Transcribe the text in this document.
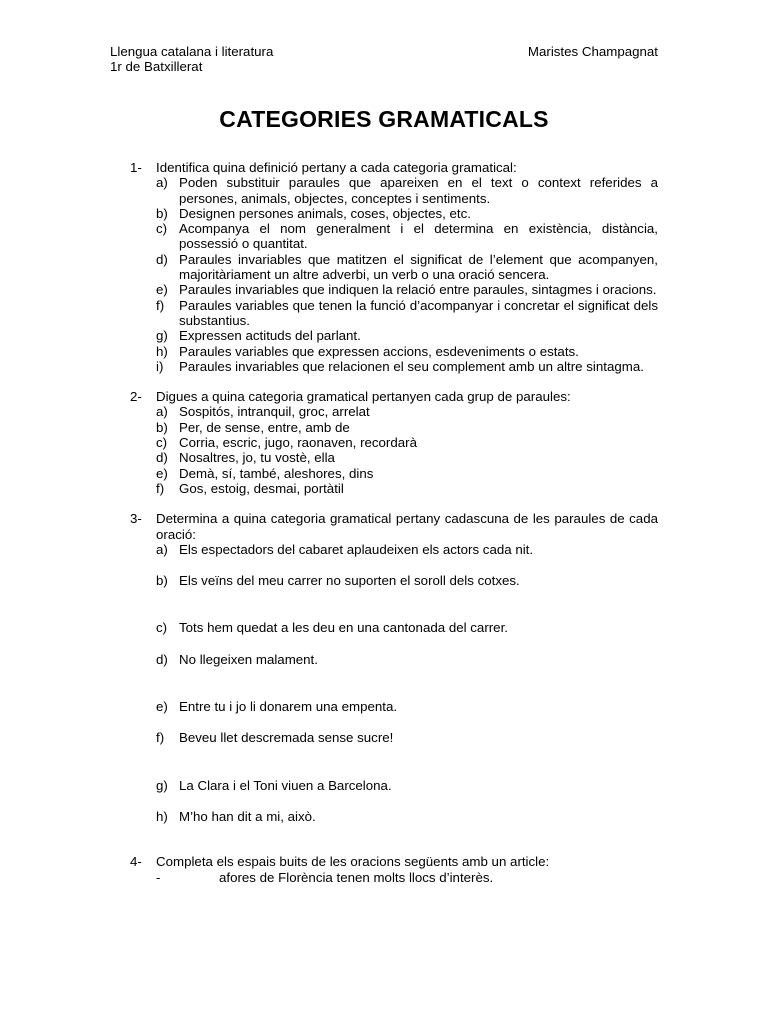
Llengua catalana i literatura
1r de Batxillerat
Maristes Champagnat
CATEGORIES GRAMATICALS
1- Identifica quina definició pertany a cada categoria gramatical:
a) Poden substituir paraules que apareixen en el text o context referides a persones, animals, objectes, conceptes i sentiments.
b) Designen persones animals, coses, objectes, etc.
c) Acompanya el nom generalment i el determina en existència, distància, possessió o quantitat.
d) Paraules invariables que matitzen el significat de l’element que acompanyen, majoritàriament un altre adverbi, un verb o una oració sencera.
e) Paraules invariables que indiquen la relació entre paraules, sintagmes i oracions.
f) Paraules variables que tenen la funció d’acompanyar i concretar el significat dels substantius.
g) Expressen actituds del parlant.
h) Paraules variables que expressen accions, esdeveniments o estats.
i) Paraules invariables que relacionen el seu complement amb un altre sintagma.
2- Digues a quina categoria gramatical pertanyen cada grup de paraules:
a) Sospitós, intranquil, groc, arrelat
b) Per, de sense, entre, amb de
c) Corria, escric, jugo, raonaven, recordarà
d) Nosaltres, jo, tu vostè, ella
e) Demà, sí, també, aleshores, dins
f) Gos, estoig, desmai, portàtil
3- Determina a quina categoria gramatical pertany cadascuna de les paraules de cada oració:
a) Els espectadors del cabaret aplaudeixen els actors cada nit.
b) Els veïns del meu carrer no suporten el soroll dels cotxes.
c) Tots hem quedat a les deu en una cantonada del carrer.
d) No llegeixen malament.
e) Entre tu i jo li donarem una empenta.
f) Beveu llet descremada sense sucre!
g) La Clara i el Toni viuen a Barcelona.
h) M’ho han dit a mi, això.
4- Completa els espais buits de les oracions següents amb un article:
-	afores de Florència tenen molts llocs d’interès.
